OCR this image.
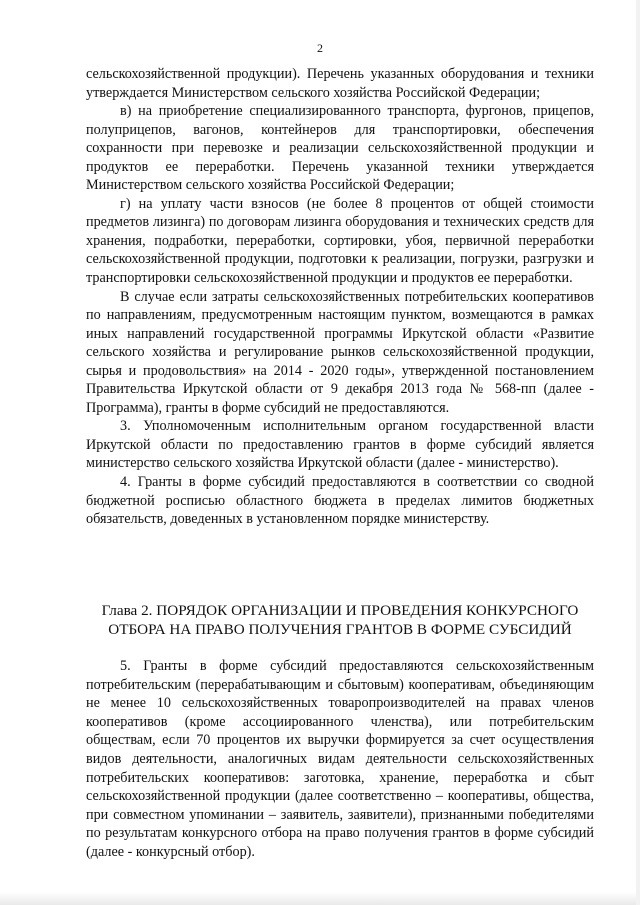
2

сельскохозяйственной продукции). Перечень указанных оборудования и техники утверждается Министерством сельского хозяйства Российской Федерации;

в) на приобретение специализированного транспорта, фургонов, прицепов, полуприцепов, вагонов, контейнеров для транспортировки, обеспечения сохранности при перевозке и реализации сельскохозяйственной продукции и продуктов ее переработки. Перечень указанной техники утверждается Министерством сельского хозяйства Российской Федерации;

г) на уплату части взносов (не более 8 процентов от общей стоимости предметов лизинга) по договорам лизинга оборудования и технических средств для хранения, подработки, переработки, сортировки, убоя, первичной переработки сельскохозяйственной продукции, подготовки к реализации, погрузки, разгрузки и транспортировки сельскохозяйственной продукции и продуктов ее переработки.

В случае если затраты сельскохозяйственных потребительских кооперативов по направлениям, предусмотренным настоящим пунктом, возмещаются в рамках иных направлений государственной программы Иркутской области «Развитие сельского хозяйства и регулирование рынков сельскохозяйственной продукции, сырья и продовольствия» на 2014 - 2020 годы», утвержденной постановлением Правительства Иркутской области от 9 декабря 2013 года № 568-пп (далее - Программа), гранты в форме субсидий не предоставляются.

3. Уполномоченным исполнительным органом государственной власти Иркутской области по предоставлению грантов в форме субсидий является министерство сельского хозяйства Иркутской области (далее - министерство).

4. Гранты в форме субсидий предоставляются в соответствии со сводной бюджетной росписью областного бюджета в пределах лимитов бюджетных обязательств, доведенных в установленном порядке министерству.

Глава 2. ПОРЯДОК ОРГАНИЗАЦИИ И ПРОВЕДЕНИЯ КОНКУРСНОГО
ОТБОРА НА ПРАВО ПОЛУЧЕНИЯ ГРАНТОВ В ФОРМЕ СУБСИДИЙ

5. Гранты в форме субсидий предоставляются сельскохозяйственным потребительским (перерабатывающим и сбытовым) кооперативам, объединяющим не менее 10 сельскохозяйственных товаропроизводителей на правах членов кооперативов (кроме ассоциированного членства), или потребительским обществам, если 70 процентов их выручки формируется за счет осуществления видов деятельности, аналогичных видам деятельности сельскохозяйственных потребительских кооперативов: заготовка, хранение, переработка и сбыт сельскохозяйственной продукции (далее соответственно – кооперативы, общества, при совместном упоминании – заявитель, заявители), признанными победителями по результатам конкурсного отбора на право получения грантов в форме субсидий (далее - конкурсный отбор).
